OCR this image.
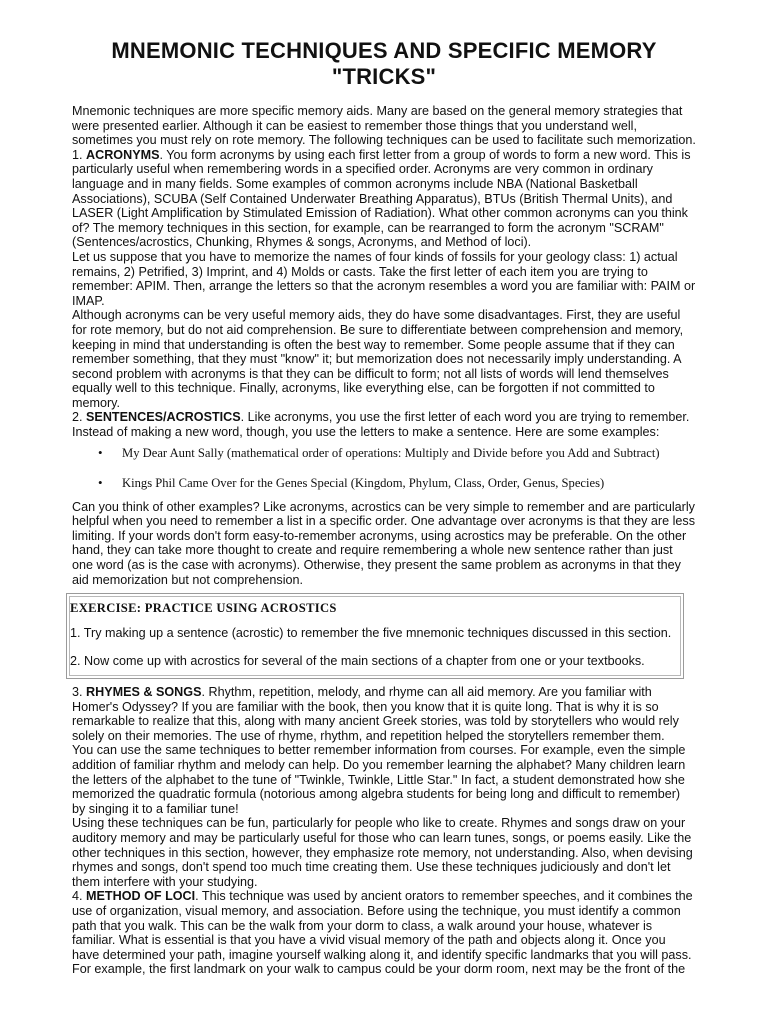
MNEMONIC TECHNIQUES AND SPECIFIC MEMORY
"TRICKS"

Mnemonic techniques are more specific memory aids. Many are based on the general memory strategies that were presented earlier. Although it can be easiest to remember those things that you understand well, sometimes you must rely on rote memory. The following techniques can be used to facilitate such memorization.

1. ACRONYMS. You form acronyms by using each first letter from a group of words to form a new word. This is particularly useful when remembering words in a specified order. Acronyms are very common in ordinary language and in many fields. Some examples of common acronyms include NBA (National Basketball Associations), SCUBA (Self Contained Underwater Breathing Apparatus), BTUs (British Thermal Units), and LASER (Light Amplification by Stimulated Emission of Radiation). What other common acronyms can you think of? The memory techniques in this section, for example, can be rearranged to form the acronym "SCRAM" (Sentences/acrostics, Chunking, Rhymes & songs, Acronyms, and Method of loci).

Let us suppose that you have to memorize the names of four kinds of fossils for your geology class: 1) actual remains, 2) Petrified, 3) Imprint, and 4) Molds or casts. Take the first letter of each item you are trying to remember: APIM. Then, arrange the letters so that the acronym resembles a word you are familiar with: PAIM or IMAP.

Although acronyms can be very useful memory aids, they do have some disadvantages. First, they are useful for rote memory, but do not aid comprehension. Be sure to differentiate between comprehension and memory, keeping in mind that understanding is often the best way to remember. Some people assume that if they can remember something, that they must "know" it; but memorization does not necessarily imply understanding. A second problem with acronyms is that they can be difficult to form; not all lists of words will lend themselves equally well to this technique. Finally, acronyms, like everything else, can be forgotten if not committed to memory.

2. SENTENCES/ACROSTICS. Like acronyms, you use the first letter of each word you are trying to remember. Instead of making a new word, though, you use the letters to make a sentence. Here are some examples:

• My Dear Aunt Sally (mathematical order of operations: Multiply and Divide before you Add and Subtract)
• Kings Phil Came Over for the Genes Special (Kingdom, Phylum, Class, Order, Genus, Species)

Can you think of other examples? Like acronyms, acrostics can be very simple to remember and are particularly helpful when you need to remember a list in a specific order. One advantage over acronyms is that they are less limiting. If your words don't form easy-to-remember acronyms, using acrostics may be preferable. On the other hand, they can take more thought to create and require remembering a whole new sentence rather than just one word (as is the case with acronyms). Otherwise, they present the same problem as acronyms in that they aid memorization but not comprehension.

EXERCISE: PRACTICE USING ACROSTICS
1. Try making up a sentence (acrostic) to remember the five mnemonic techniques discussed in this section.
2. Now come up with acrostics for several of the main sections of a chapter from one or your textbooks.

3. RHYMES & SONGS. Rhythm, repetition, melody, and rhyme can all aid memory. Are you familiar with Homer's Odyssey? If you are familiar with the book, then you know that it is quite long. That is why it is so remarkable to realize that this, along with many ancient Greek stories, was told by storytellers who would rely solely on their memories. The use of rhyme, rhythm, and repetition helped the storytellers remember them.

You can use the same techniques to better remember information from courses. For example, even the simple addition of familiar rhythm and melody can help. Do you remember learning the alphabet? Many children learn the letters of the alphabet to the tune of "Twinkle, Twinkle, Little Star." In fact, a student demonstrated how she memorized the quadratic formula (notorious among algebra students for being long and difficult to remember) by singing it to a familiar tune!

Using these techniques can be fun, particularly for people who like to create. Rhymes and songs draw on your auditory memory and may be particularly useful for those who can learn tunes, songs, or poems easily. Like the other techniques in this section, however, they emphasize rote memory, not understanding. Also, when devising rhymes and songs, don't spend too much time creating them. Use these techniques judiciously and don't let them interfere with your studying.

4. METHOD OF LOCI. This technique was used by ancient orators to remember speeches, and it combines the use of organization, visual memory, and association. Before using the technique, you must identify a common path that you walk. This can be the walk from your dorm to class, a walk around your house, whatever is familiar. What is essential is that you have a vivid visual memory of the path and objects along it. Once you have determined your path, imagine yourself walking along it, and identify specific landmarks that you will pass. For example, the first landmark on your walk to campus could be your dorm room, next may be the front of the
